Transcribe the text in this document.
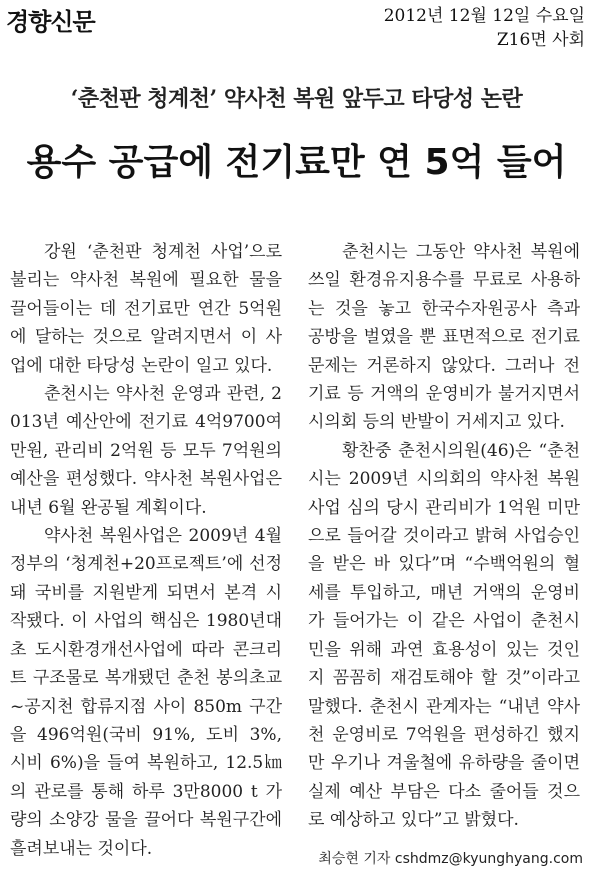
경향신문	2012년 12월 12일 수요일
Z16면 사회
‘춘천판 청계천’ 약사천 복원 앞두고 타당성 논란
용수 공급에 전기료만 연 5억 들어

강원 ‘춘천판 청계천 사업’으로 불리는 약사천 복원에 필요한 물을 끌어들이는 데 전기료만 연간 5억원에 달하는 것으로 알려지면서 이 사업에 대한 타당성 논란이 일고 있다.

춘천시는 약사천 운영과 관련, 2013년 예산안에 전기료 4억9700여만원, 관리비 2억원 등 모두 7억원의 예산을 편성했다. 약사천 복원사업은 내년 6월 완공될 계획이다.

약사천 복원사업은 2009년 4월 정부의 ‘청계천+20프로젝트’에 선정돼 국비를 지원받게 되면서 본격 시작됐다. 이 사업의 핵심은 1980년대 초 도시환경개선사업에 따라 콘크리트 구조물로 복개됐던 춘천 봉의초교~공지천 합류지점 사이 850m 구간을 496억원(국비 91%, 도비 3%, 시비 6%)을 들여 복원하고, 12.5㎞의 관로를 통해 하루 3만8000 t 가량의 소양강 물을 끌어다 복원구간에 흘려보내는 것이다.

춘천시는 그동안 약사천 복원에 쓰일 환경유지용수를 무료로 사용하는 것을 놓고 한국수자원공사 측과 공방을 벌였을 뿐 표면적으로 전기료 문제는 거론하지 않았다. 그러나 전기료 등 거액의 운영비가 불거지면서 시의회 등의 반발이 거세지고 있다.

황찬중 춘천시의원(46)은 “춘천시는 2009년 시의회의 약사천 복원사업 심의 당시 관리비가 1억원 미만으로 들어갈 것이라고 밝혀 사업승인을 받은 바 있다”며 “수백억원의 혈세를 투입하고, 매년 거액의 운영비가 들어가는 이 같은 사업이 춘천시민을 위해 과연 효용성이 있는 것인지 꼼꼼히 재검토해야 할 것”이라고 말했다. 춘천시 관계자는 “내년 약사천 운영비로 7억원을 편성하긴 했지만 우기나 겨울철에 유하량을 줄이면 실제 예산 부담은 다소 줄어들 것으로 예상하고 있다”고 밝혔다.

최승현 기자 cshdmz@kyunghyang.com
